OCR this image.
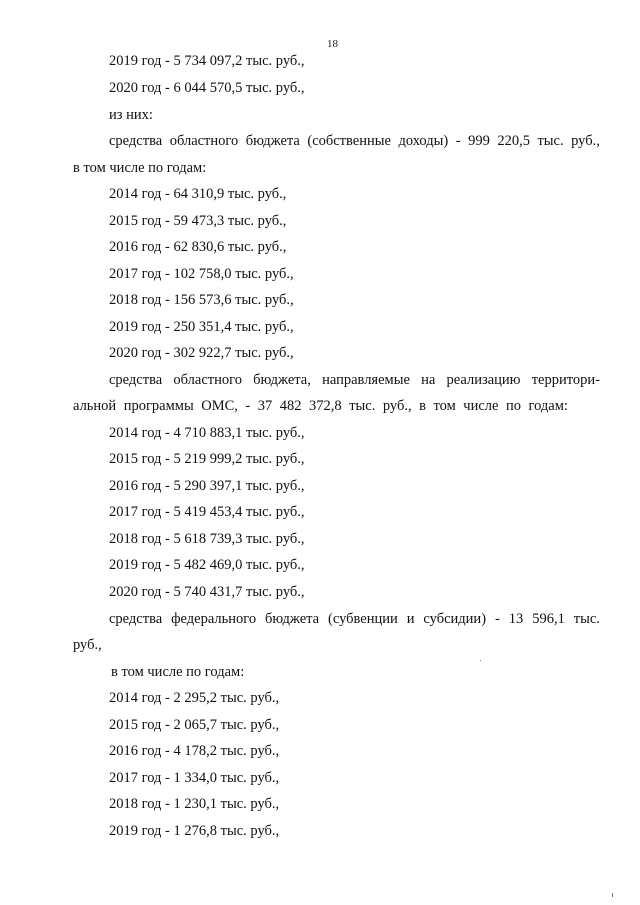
18
2019 год - 5 734 097,2 тыс. руб.,
2020 год - 6 044 570,5 тыс. руб.,
из них:
средства областного бюджета (собственные доходы) - 999 220,5 тыс. руб.,
в том числе по годам:
2014 год - 64 310,9 тыс. руб.,
2015 год - 59 473,3 тыс. руб.,
2016 год - 62 830,6 тыс. руб.,
2017 год - 102 758,0 тыс. руб.,
2018 год - 156 573,6 тыс. руб.,
2019 год - 250 351,4 тыс. руб.,
2020 год - 302 922,7 тыс. руб.,
средства областного бюджета, направляемые на реализацию территори-
альной программы ОМС, - 37 482 372,8 тыс. руб., в том числе по годам:
2014 год - 4 710 883,1 тыс. руб.,
2015 год - 5 219 999,2 тыс. руб.,
2016 год - 5 290 397,1 тыс. руб.,
2017 год - 5 419 453,4 тыс. руб.,
2018 год - 5 618 739,3 тыс. руб.,
2019 год - 5 482 469,0 тыс. руб.,
2020 год - 5 740 431,7 тыс. руб.,
средства федерального бюджета (субвенции и субсидии) - 13 596,1 тыс.
руб.,
в том числе по годам:
2014 год - 2 295,2 тыс. руб.,
2015 год - 2 065,7 тыс. руб.,
2016 год - 4 178,2 тыс. руб.,
2017 год - 1 334,0 тыс. руб.,
2018 год - 1 230,1 тыс. руб.,
2019 год - 1 276,8 тыс. руб.,
